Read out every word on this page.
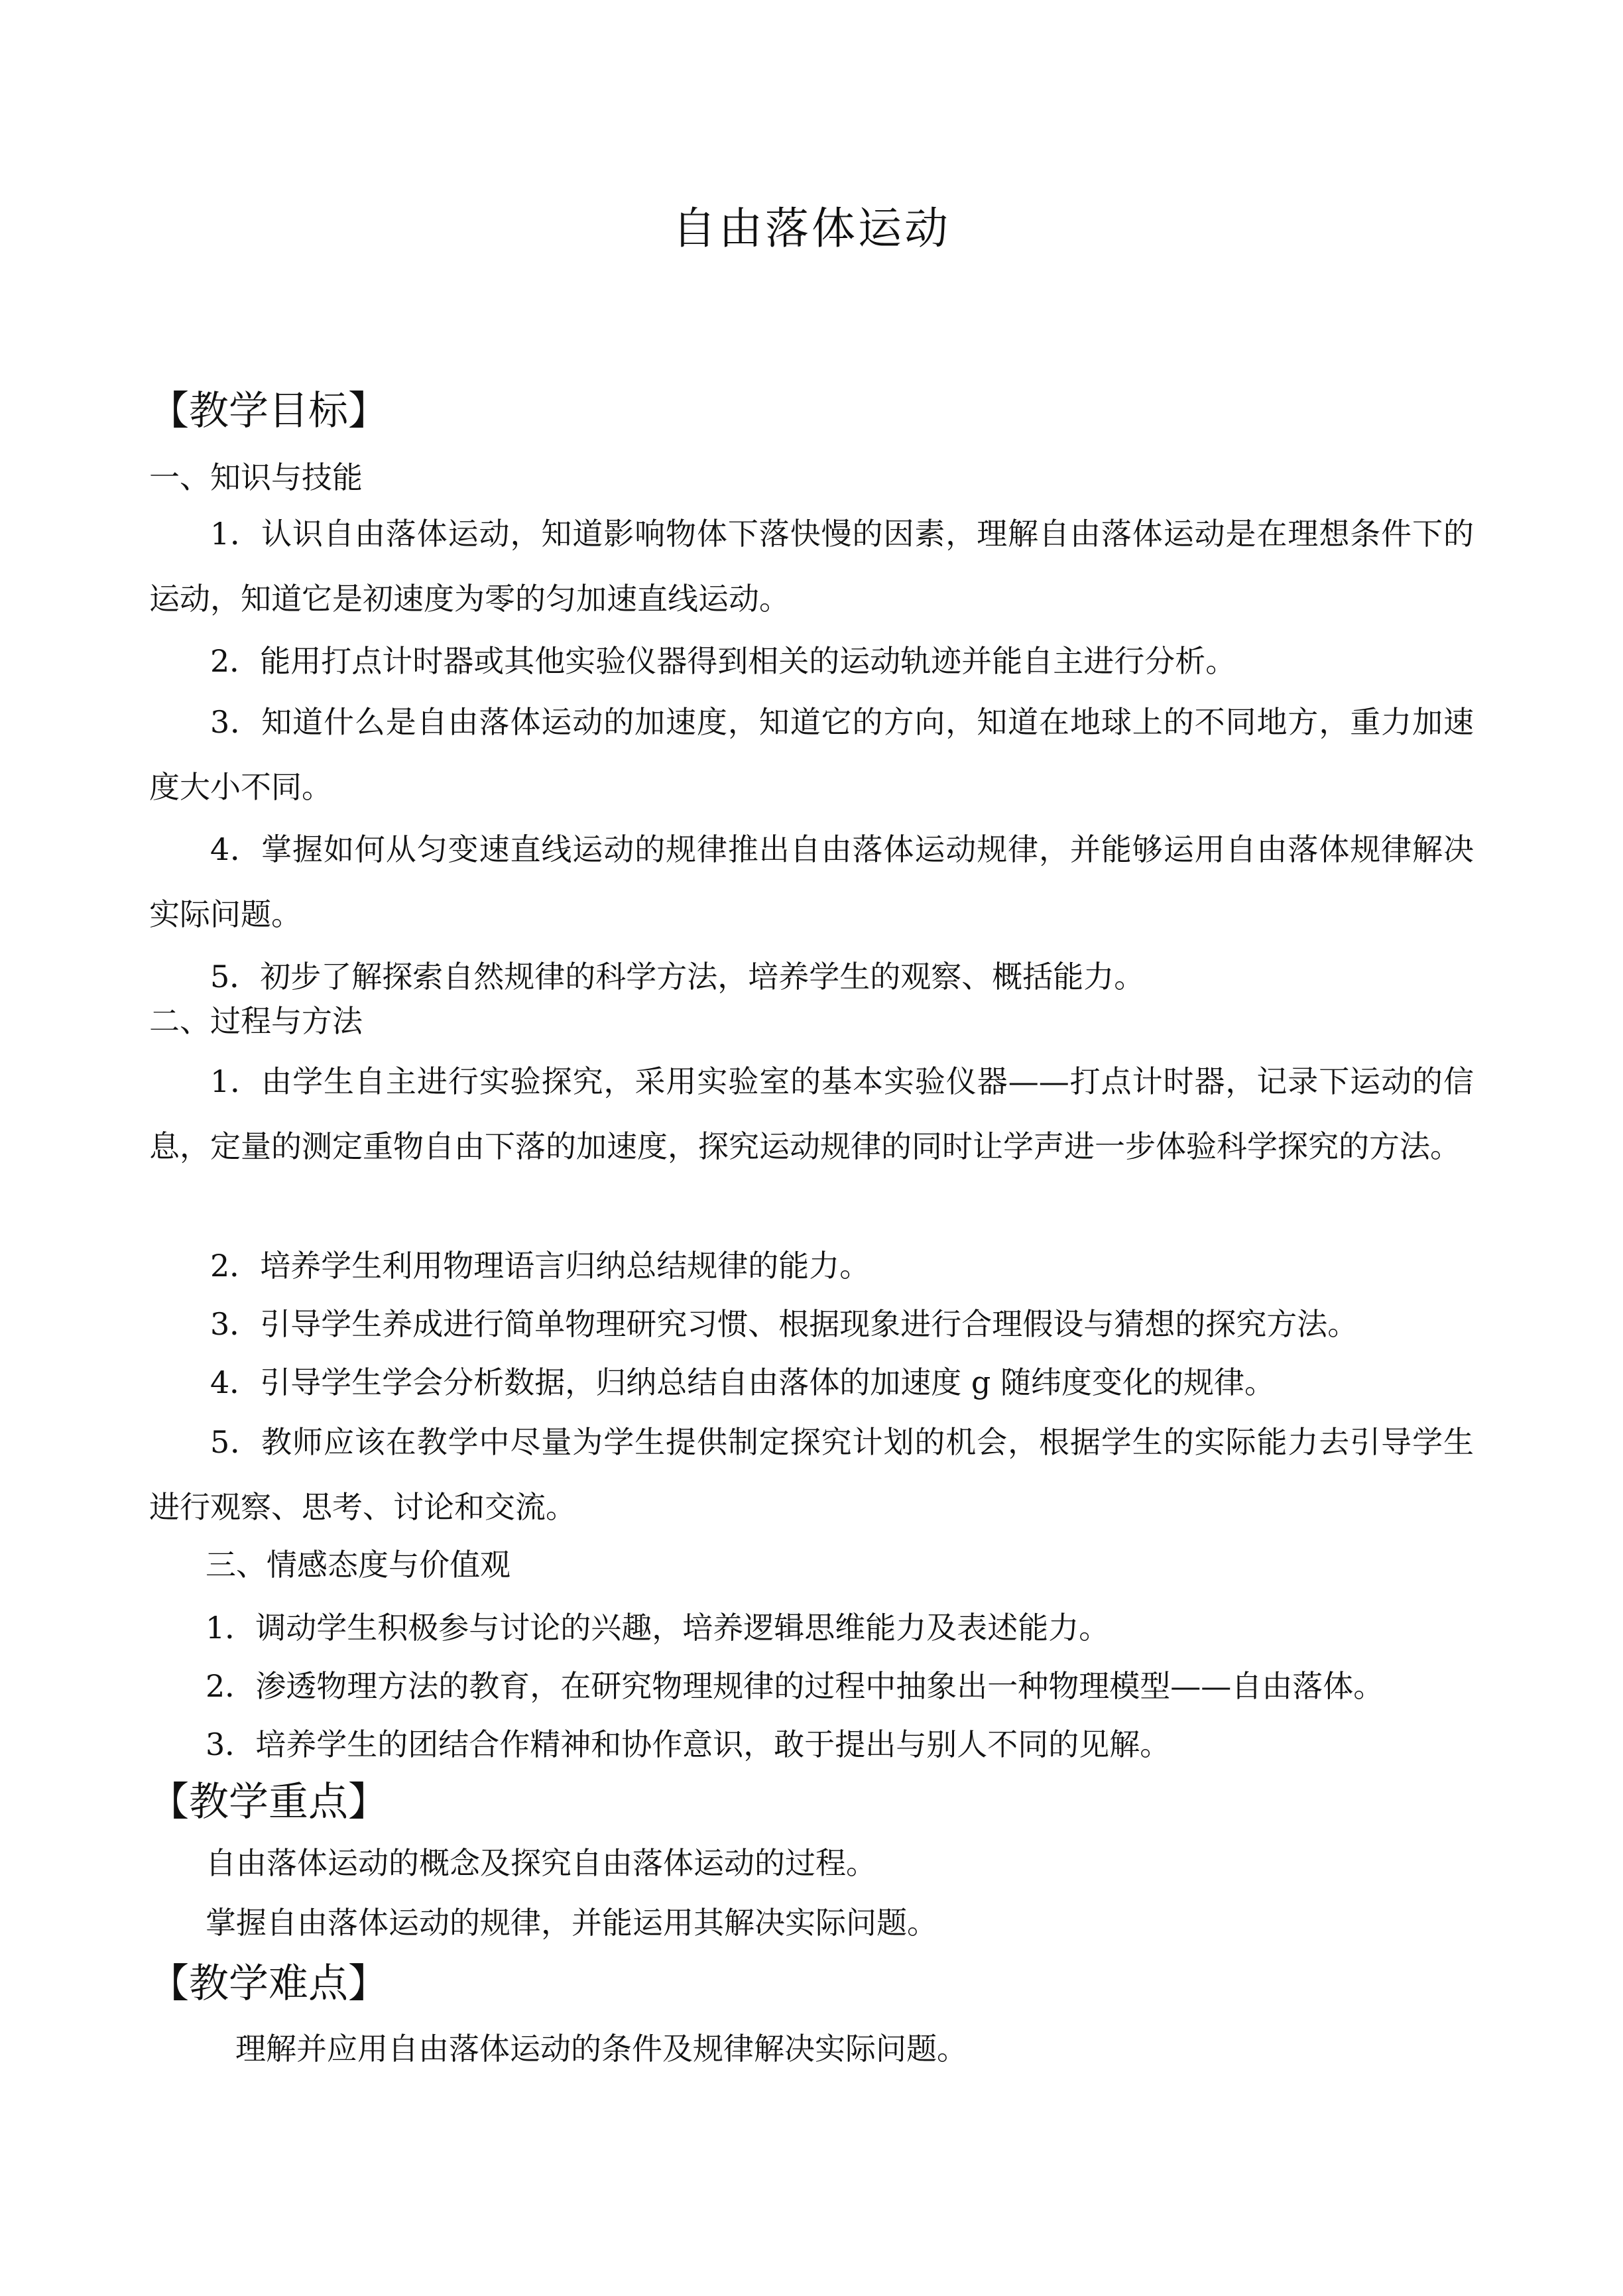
自由落体运动
【教学目标】
一、知识与技能
1．认识自由落体运动，知道影响物体下落快慢的因素，理解自由落体运动是在理想条件下的运动，知道它是初速度为零的匀加速直线运动。
2．能用打点计时器或其他实验仪器得到相关的运动轨迹并能自主进行分析。
3．知道什么是自由落体运动的加速度，知道它的方向，知道在地球上的不同地方，重力加速度大小不同。
4．掌握如何从匀变速直线运动的规律推出自由落体运动规律，并能够运用自由落体规律解决实际问题。
5．初步了解探索自然规律的科学方法，培养学生的观察、概括能力。
二、过程与方法
1．由学生自主进行实验探究，采用实验室的基本实验仪器——打点计时器，记录下运动的信息，定量的测定重物自由下落的加速度，探究运动规律的同时让学声进一步体验科学探究的方法。
2．培养学生利用物理语言归纳总结规律的能力。
3．引导学生养成进行简单物理研究习惯、根据现象进行合理假设与猜想的探究方法。
4．引导学生学会分析数据，归纳总结自由落体的加速度 g 随纬度变化的规律。
5．教师应该在教学中尽量为学生提供制定探究计划的机会，根据学生的实际能力去引导学生进行观察、思考、讨论和交流。
三、情感态度与价值观
1．调动学生积极参与讨论的兴趣，培养逻辑思维能力及表述能力。
2．渗透物理方法的教育，在研究物理规律的过程中抽象出一种物理模型——自由落体。
3．培养学生的团结合作精神和协作意识，敢于提出与别人不同的见解。
【教学重点】
自由落体运动的概念及探究自由落体运动的过程。
掌握自由落体运动的规律，并能运用其解决实际问题。
【教学难点】
理解并应用自由落体运动的条件及规律解决实际问题。
